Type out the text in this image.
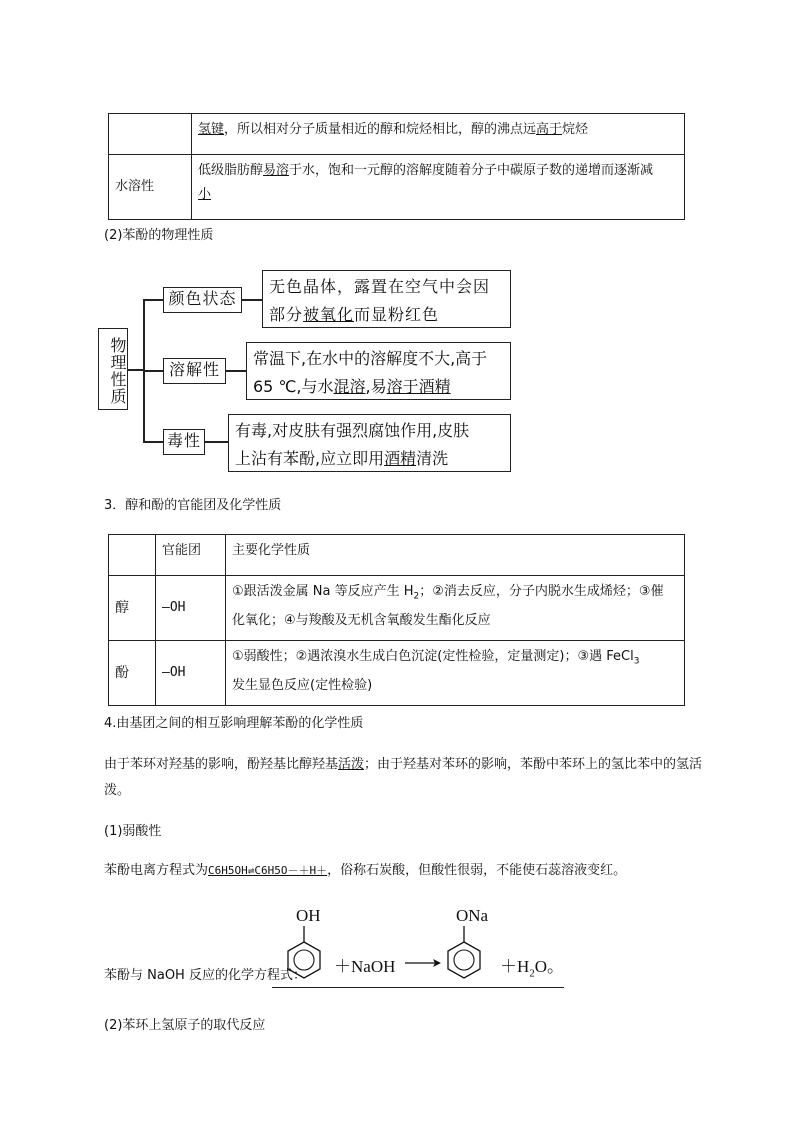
	氢键，所以相对分子质量相近的醇和烷烃相比，醇的沸点远高于烷烃
水溶性	低级脂肪醇易溶于水，饱和一元醇的溶解度随着分子中碳原子数的递增而逐渐减
小
(2)苯酚的物理性质
物理性质
颜色状态
无色晶体，露置在空气中会因
部分被氧化而显粉红色
溶解性
常温下,在水中的溶解度不大,高于
65 ℃,与水混溶,易溶于酒精
毒性
有毒,对皮肤有强烈腐蚀作用,皮肤
上沾有苯酚,应立即用酒精清洗
3．醇和酚的官能团及化学性质
	官能团	主要化学性质
醇	—OH	①跟活泼金属 Na 等反应产生 $H_2$；②消去反应，分子内脱水生成烯烃；③催
化氧化；④与羧酸及无机含氧酸发生酯化反应
酚	—OH	①弱酸性；②遇浓溴水生成白色沉淀(定性检验，定量测定)；③遇 FeCl$_3$
发生显色反应(定性检验)
4.由基团之间的相互影响理解苯酚的化学性质
由于苯环对羟基的影响，酚羟基比醇羟基活泼；由于羟基对苯环的影响，苯酚中苯环上的氢比苯中的氢活
泼。
(1)弱酸性
苯酚电离方程式为C6H5OH⇌C6H5O－＋H＋，俗称石炭酸，但酸性很弱，不能使石蕊溶液变红。
苯酚与 NaOH 反应的化学方程式：
OH
＋NaOH →
ONa
$+H_2O$。
(2)苯环上氢原子的取代反应
